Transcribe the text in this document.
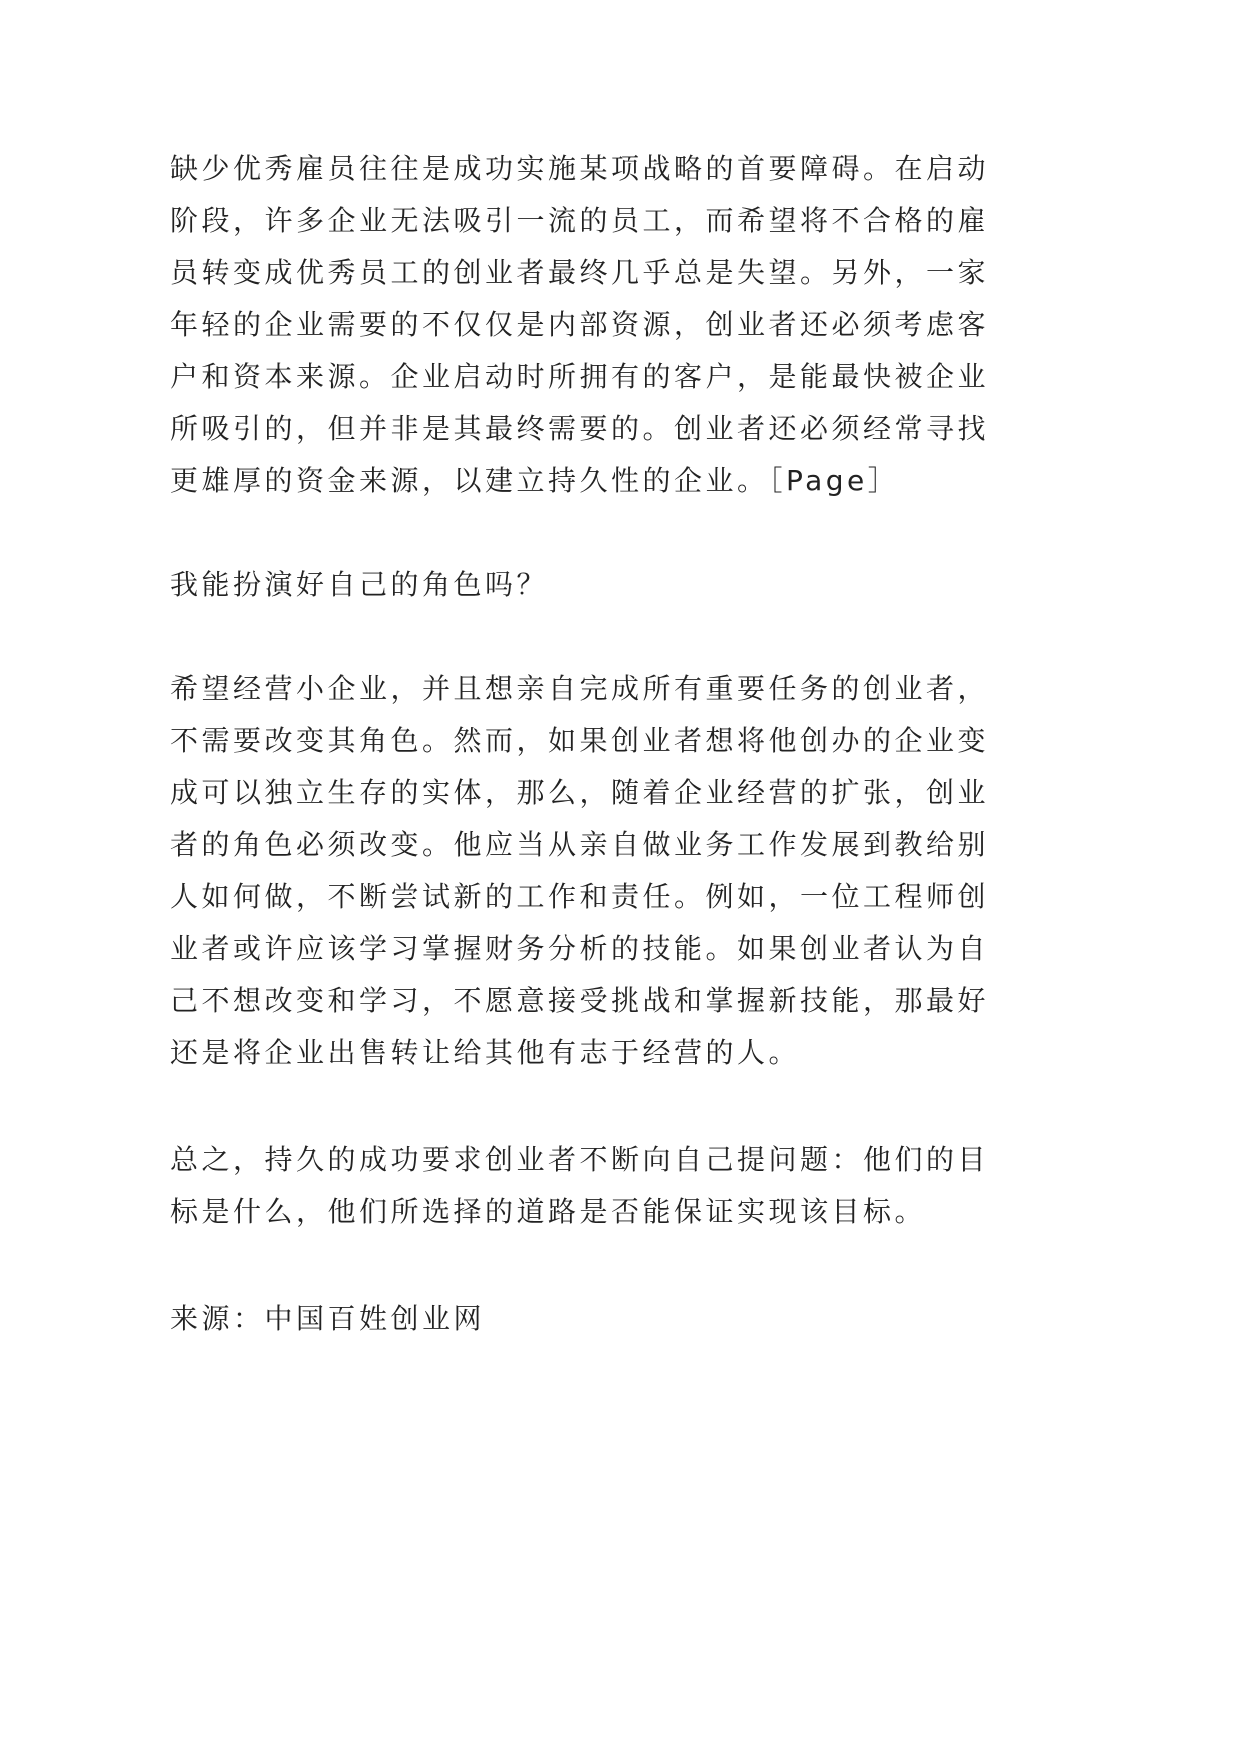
缺少优秀雇员往往是成功实施某项战略的首要障碍。在启动
阶段，许多企业无法吸引一流的员工，而希望将不合格的雇
员转变成优秀员工的创业者最终几乎总是失望。另外，一家
年轻的企业需要的不仅仅是内部资源，创业者还必须考虑客
户和资本来源。企业启动时所拥有的客户，是能最快被企业
所吸引的，但并非是其最终需要的。创业者还必须经常寻找
更雄厚的资金来源，以建立持久性的企业。［Page］
我能扮演好自己的角色吗？
希望经营小企业，并且想亲自完成所有重要任务的创业者，
不需要改变其角色。然而，如果创业者想将他创办的企业变
成可以独立生存的实体，那么，随着企业经营的扩张，创业
者的角色必须改变。他应当从亲自做业务工作发展到教给别
人如何做，不断尝试新的工作和责任。例如，一位工程师创
业者或许应该学习掌握财务分析的技能。如果创业者认为自
己不想改变和学习，不愿意接受挑战和掌握新技能，那最好
还是将企业出售转让给其他有志于经营的人。
总之，持久的成功要求创业者不断向自己提问题：他们的目
标是什么，他们所选择的道路是否能保证实现该目标。
来源：中国百姓创业网
